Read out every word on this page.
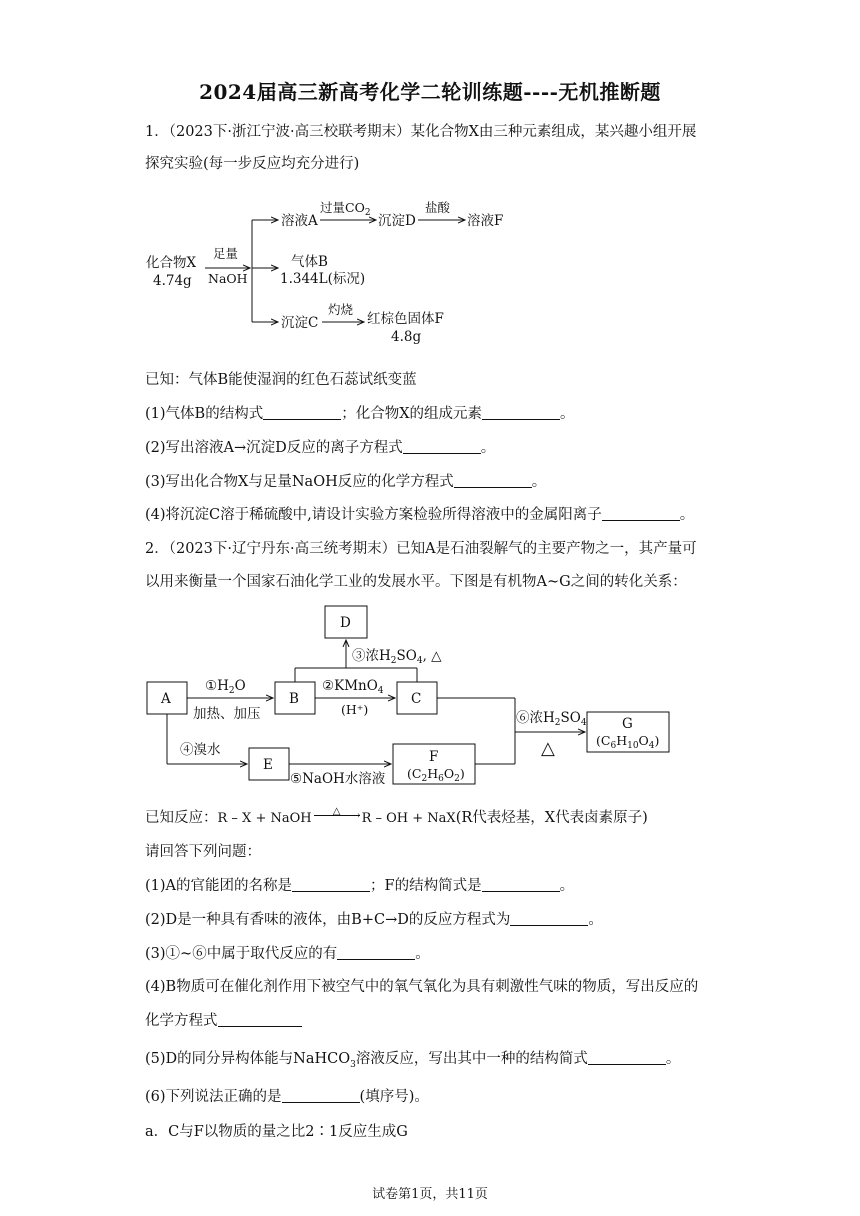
2024届高三新高考化学二轮训练题----无机推断题
1．（2023下·浙江宁波·高三校联考期末）某化合物X由三种元素组成，某兴趣小组开展
探究实验(每一步反应均充分进行)
化合物X
4.74g
足量
NaOH
溶液A
过量$CO_2$ 沉淀D
盐酸
溶液F
气体B
1.344L(标况)
沉淀C
灼烧
红棕色固体F
4.8g
已知：气体B能使湿润的红色石蕊试纸变蓝
(1)气体B的结构式	；化合物X的组成元素	。
(2)写出溶液A→沉淀D反应的离子方程式	。
(3)写出化合物X与足量NaOH反应的化学方程式	。
(4)将沉淀C溶于稀硫酸中,请设计实验方案检验所得溶液中的金属阳离子	。
2．（2023下·辽宁丹东·高三统考期末）已知A是石油裂解气的主要产物之一，其产量可
以用来衡量一个国家石油化学工业的发展水平。下图是有机物A~G之间的转化关系：
D
A	B	C
E	F
$(C_2H_6O_2)$
G
$(C_6H_{10}O_4)$
$①H_2O$
加热、加压
②KMnO$_4$
(H⁺)
③浓$H_2SO_4$, △
④溴水
⑤NaOH水溶液
⑥浓$H_2SO_4$
△
已知反应：R – X + NaOH △ › R – OH + NaX(R代表烃基，X代表卤素原子)
请回答下列问题：
(1)A的官能团的名称是	；F的结构简式是	。
(2)D是一种具有香味的液体，由B+C→D的反应方程式为	。
(3)①~⑥中属于取代反应的有	。
(4)B物质可在催化剂作用下被空气中的氧气氧化为具有刺激性气味的物质，写出反应的
化学方程式
(5)D的同分异构体能与NaHCO$_3$溶液反应，写出其中一种的结构简式	。
(6)下列说法正确的是	(填序号)。
a．C与F以物质的量之比2∶1反应生成G
试卷第1页，共11页
